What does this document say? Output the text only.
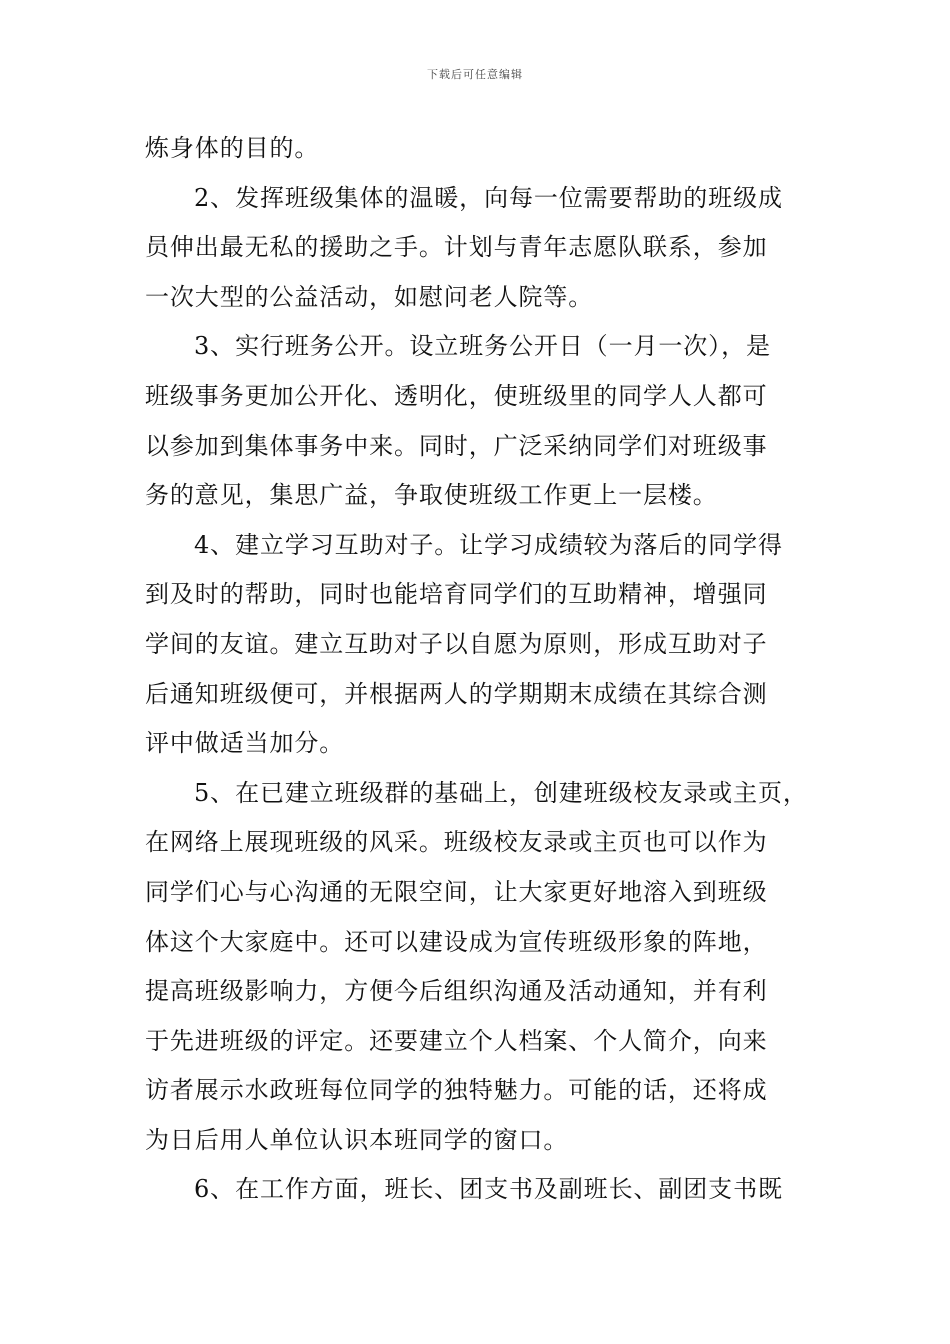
下载后可任意编辑
炼身体的目的。
2、发挥班级集体的温暖，向每一位需要帮助的班级成
员伸出最无私的援助之手。计划与青年志愿队联系，参加
一次大型的公益活动，如慰问老人院等。
3、实行班务公开。设立班务公开日（一月一次），是
班级事务更加公开化、透明化，使班级里的同学人人都可
以参加到集体事务中来。同时，广泛采纳同学们对班级事
务的意见，集思广益，争取使班级工作更上一层楼。
4、建立学习互助对子。让学习成绩较为落后的同学得
到及时的帮助，同时也能培育同学们的互助精神，增强同
学间的友谊。建立互助对子以自愿为原则，形成互助对子
后通知班级便可，并根据两人的学期期末成绩在其综合测
评中做适当加分。
5、在已建立班级群的基础上，创建班级校友录或主页，
在网络上展现班级的风采。班级校友录或主页也可以作为
同学们心与心沟通的无限空间，让大家更好地溶入到班级
体这个大家庭中。还可以建设成为宣传班级形象的阵地，
提高班级影响力，方便今后组织沟通及活动通知，并有利
于先进班级的评定。还要建立个人档案、个人简介，向来
访者展示水政班每位同学的独特魅力。可能的话，还将成
为日后用人单位认识本班同学的窗口。
6、在工作方面，班长、团支书及副班长、副团支书既
